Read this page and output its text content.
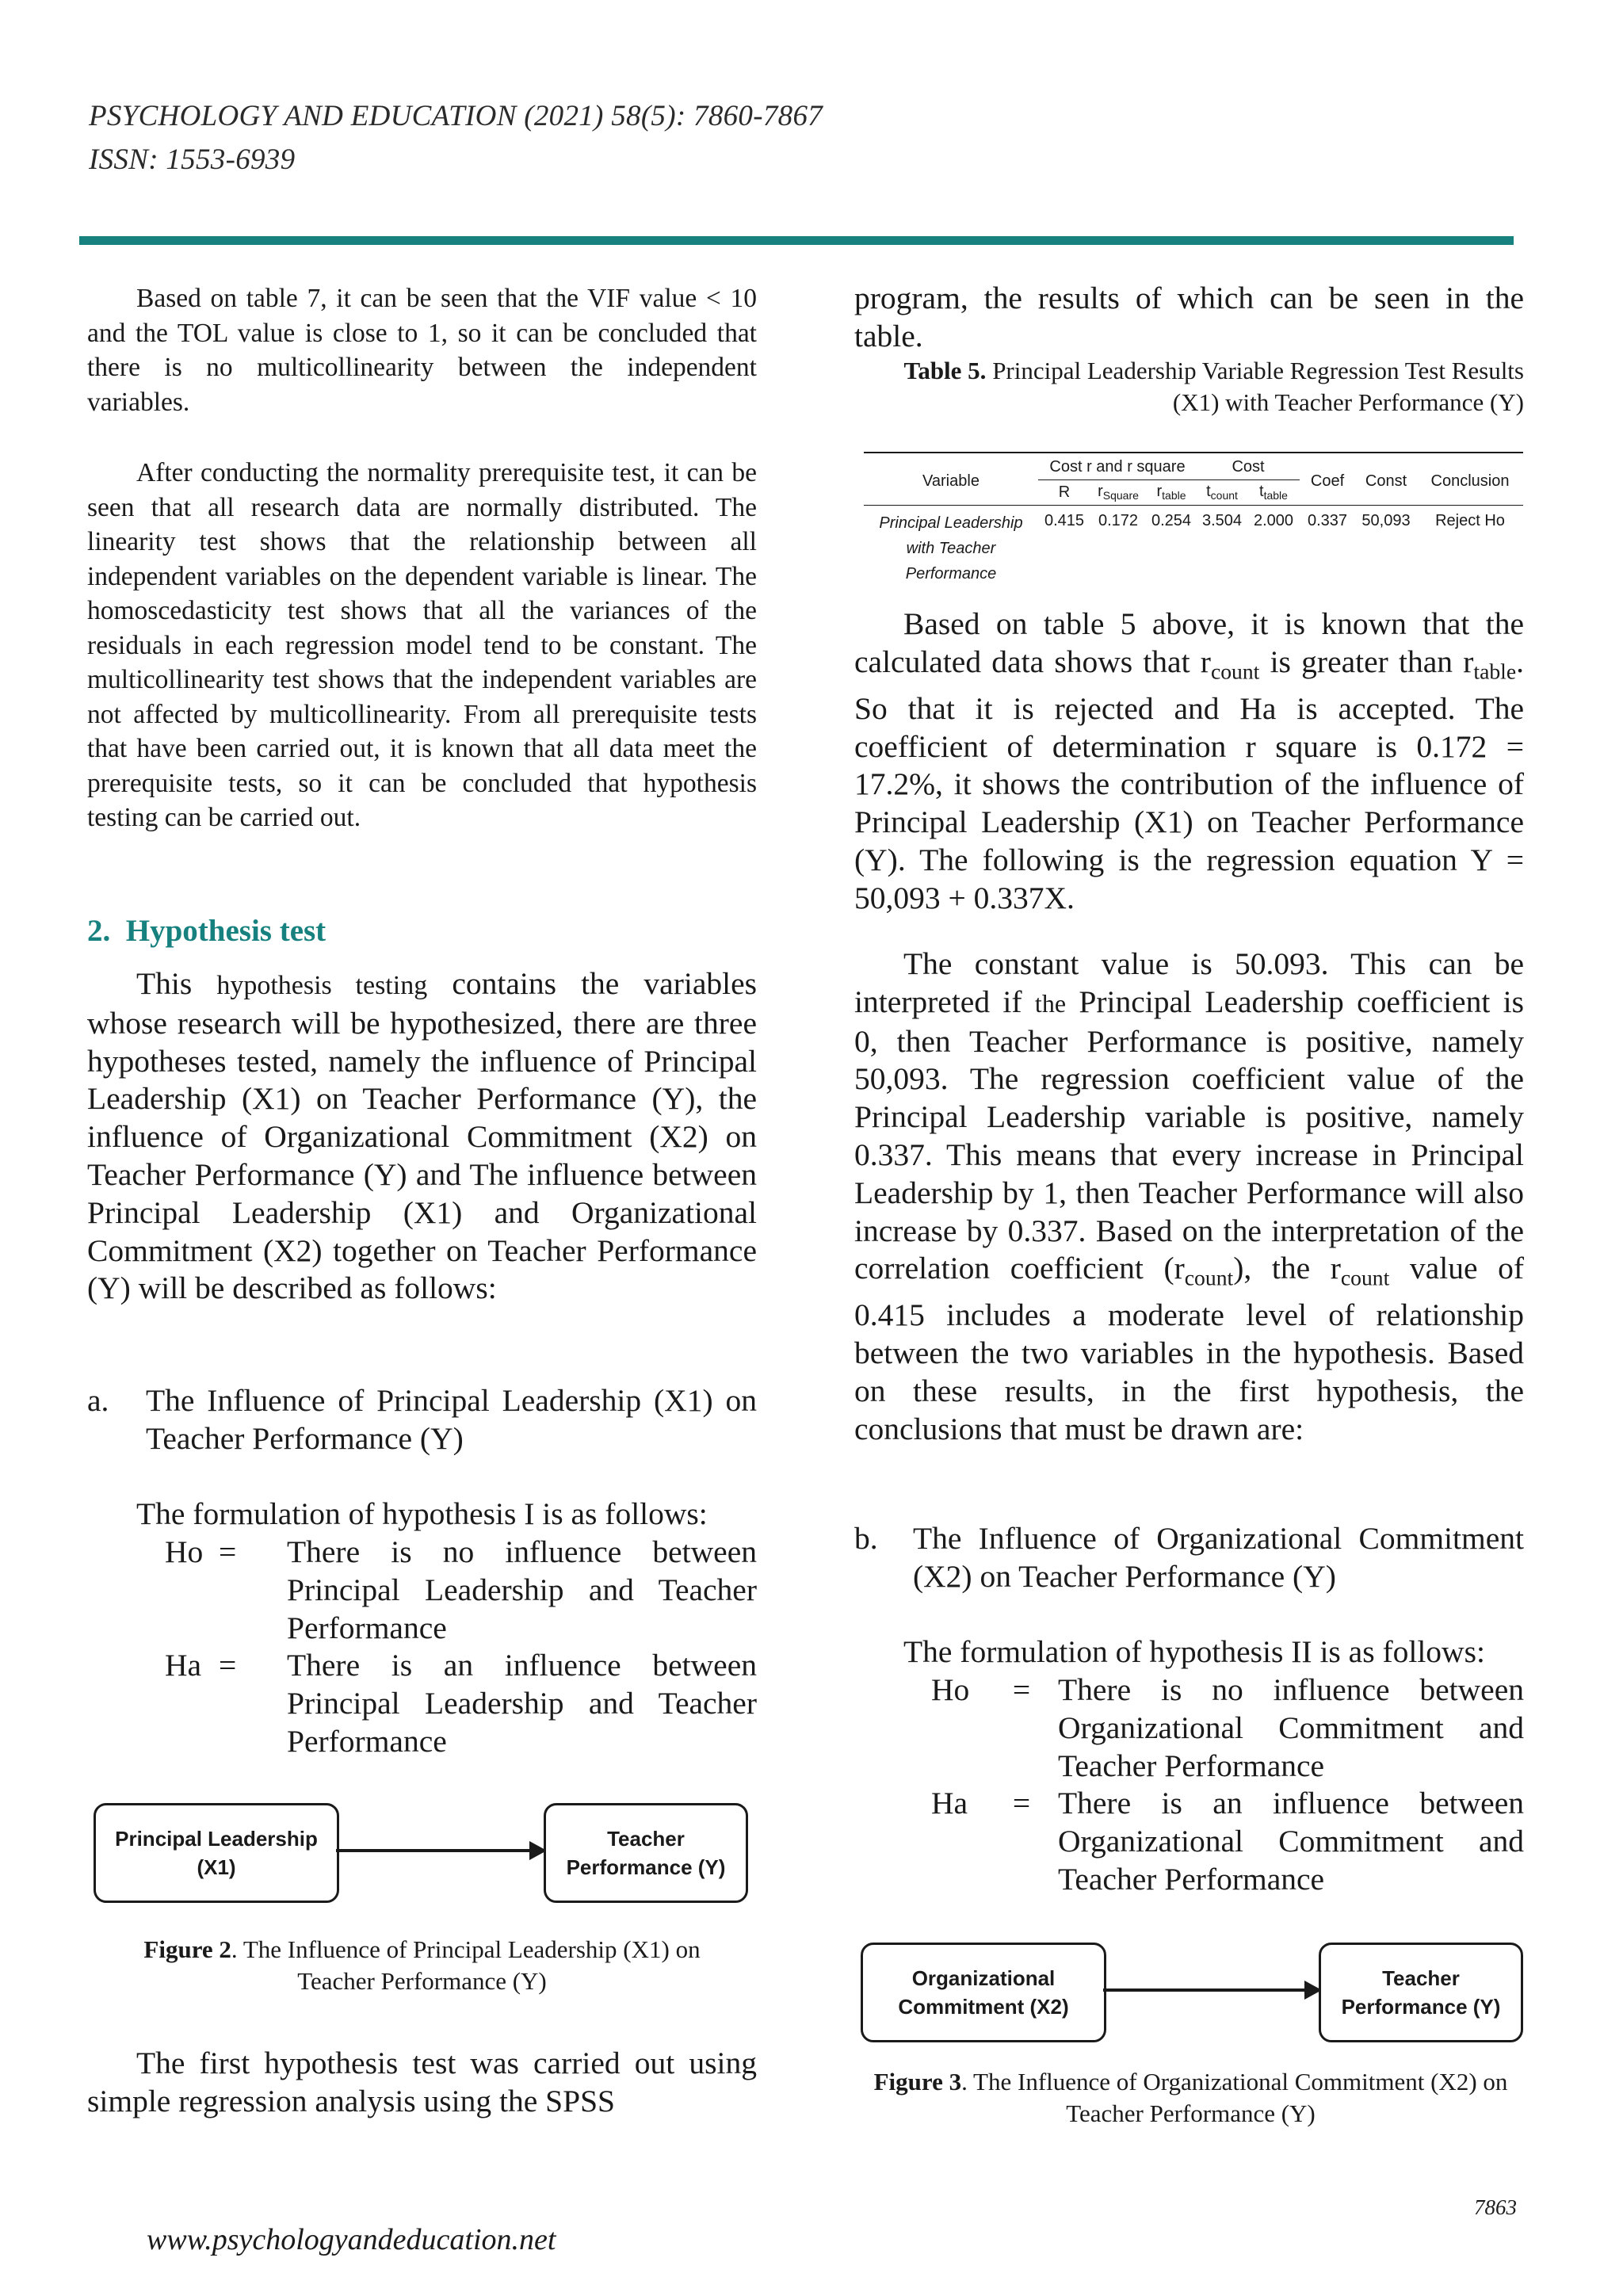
PSYCHOLOGY AND EDUCATION (2021) 58(5): 7860-7867
ISSN: 1553-6939
Based on table 7, it can be seen that the VIF value < 10 and the TOL value is close to 1, so it can be concluded that there is no multicollinearity between the independent variables.
After conducting the normality prerequisite test, it can be seen that all research data are normally distributed. The linearity test shows that the relationship between all independent variables on the dependent variable is linear. The homoscedasticity test shows that all the variances of the residuals in each regression model tend to be constant. The multicollinearity test shows that the independent variables are not affected by multicollinearity. From all prerequisite tests that have been carried out, it is known that all data meet the prerequisite tests, so it can be concluded that hypothesis testing can be carried out.
2. Hypothesis test
This hypothesis testing contains the variables whose research will be hypothesized, there are three hypotheses tested, namely the influence of Principal Leadership (X1) on Teacher Performance (Y), the influence of Organizational Commitment (X2) on Teacher Performance (Y) and The influence between Principal Leadership (X1) and Organizational Commitment (X2) together on Teacher Performance (Y) will be described as follows:
a.	The Influence of Principal Leadership (X1) on Teacher Performance (Y)
The formulation of hypothesis I is as follows:
Ho =	There is no influence between Principal Leadership and Teacher Performance
Ha =	There is an influence between Principal Leadership and Teacher Performance
Principal Leadership (X1)
Teacher Performance (Y)
Figure 2. The Influence of Principal Leadership (X1) on Teacher Performance (Y)
The first hypothesis test was carried out using simple regression analysis using the SPSS
program, the results of which can be seen in the table.
Table 5. Principal Leadership Variable Regression Test Results (X1) with Teacher Performance (Y)
Variable	Cost r and r square			Cost		Coef	Const	Conclusion
	R	$r_{Square}$	$r_{table}$	$t_{count}$	$t_{table}$
Principal Leadership with Teacher Performance	0.415	0.172	0.254	3.504	2.000	0.337	50,093	Reject Ho
Based on table 5 above, it is known that the calculated data shows that $r_{count}$ is greater than $r_{table}$. So that it is rejected and Ha is accepted. The coefficient of determination r square is 0.172 = 17.2%, it shows the contribution of the influence of Principal Leadership (X1) on Teacher Performance (Y). The following is the regression equation Y = 50,093 + 0.337X.
The constant value is 50.093. This can be interpreted if the Principal Leadership coefficient is 0, then Teacher Performance is positive, namely 50,093. The regression coefficient value of the Principal Leadership variable is positive, namely 0.337. This means that every increase in Principal Leadership by 1, then Teacher Performance will also increase by 0.337. Based on the interpretation of the correlation coefficient $(r_{count})$, the $r_{count}$ value of 0.415 includes a moderate level of relationship between the two variables in the hypothesis. Based on these results, in the first hypothesis, the conclusions that must be drawn are:
b.	The Influence of Organizational Commitment (X2) on Teacher Performance (Y)
The formulation of hypothesis II is as follows:
Ho	= There is no influence between Organizational Commitment and Teacher Performance
Ha	= There is an influence between Organizational Commitment and Teacher Performance
Organizational Commitment (X2)
Teacher Performance (Y)
Figure 3. The Influence of Organizational Commitment (X2) on Teacher Performance (Y)
7863
www.psychologyandeducation.net
